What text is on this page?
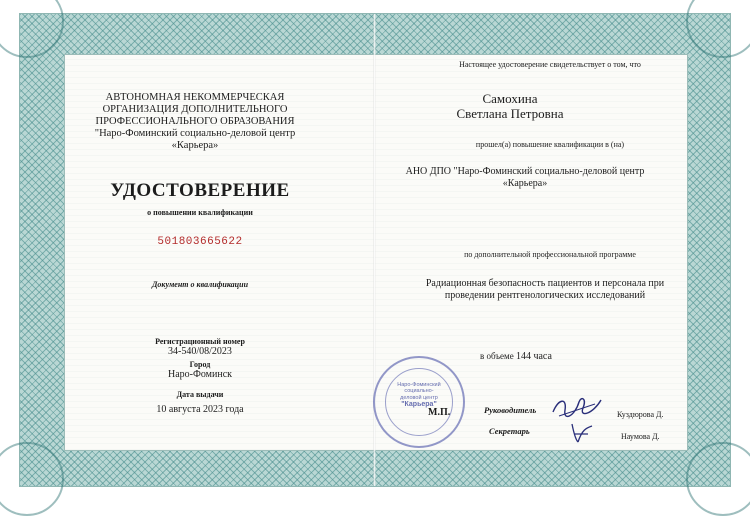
АВТОНОМНАЯ НЕКОММЕРЧЕСКАЯ
ОРГАНИЗАЦИЯ ДОПОЛНИТЕЛЬНОГО
ПРОФЕССИОНАЛЬНОГО ОБРАЗОВАНИЯ
"Наро-Фоминский социально-деловой центр
«Карьера»
УДОСТОВЕРЕНИЕ
о повышении квалификации
501803665622
Документ о квалификации
Регистрационный номер
34-540/08/2023
Город
Наро-Фоминск
Дата выдачи
10 августа 2023 года
Настоящее удостоверение свидетельствует о том, что
Самохина
Светлана Петровна
прошел(а) повышение квалификации в (на)
АНО ДПО "Наро-Фоминский социально-деловой центр
«Карьера»
по дополнительной профессиональной программе
Радиационная безопасность пациентов и персонала при
проведении рентгенологических исследований
в объеме 144 часа
Наро-Фоминский
социально-
деловой центр
"Карьера"
М.П.	Руководитель
Секретарь
Куздюрова Д.
Наумова Д.
